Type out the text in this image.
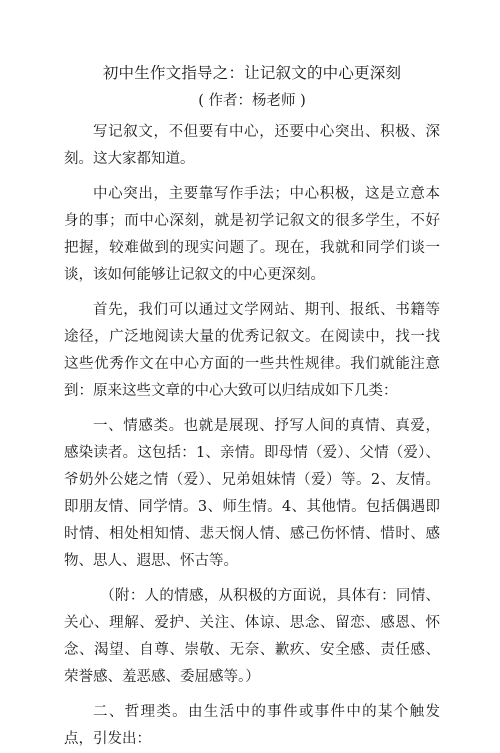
初中生作文指导之：让记叙文的中心更深刻

( 作者：杨老师 )

写记叙文，不但要有中心，还要中心突出、积极、深刻。这大家都知道。

中心突出，主要靠写作手法；中心积极，这是立意本身的事；而中心深刻，就是初学记叙文的很多学生，不好把握，较难做到的现实问题了。现在，我就和同学们谈一谈，该如何能够让记叙文的中心更深刻。

首先，我们可以通过文学网站、期刊、报纸、书籍等途径，广泛地阅读大量的优秀记叙文。在阅读中，找一找这些优秀作文在中心方面的一些共性规律。我们就能注意到：原来这些文章的中心大致可以归结成如下几类：

一、情感类。也就是展现、抒写人间的真情、真爱，感染读者。这包括：1、亲情。即母情（爱）、父情（爱）、爷奶外公姥之情（爱）、兄弟姐妹情（爱）等。2、友情。即朋友情、同学情。3、师生情。4、其他情。包括偶遇即时情、相处相知情、悲天悯人情、感己伤怀情、惜时、感物、思人、遐思、怀古等。

（附：人的情感，从积极的方面说，具体有：同情、关心、理解、爱护、关注、体谅、思念、留恋、感恩、怀念、渴望、自尊、崇敬、无奈、歉疚、安全感、责任感、荣誉感、羞恶感、委屈感等。）

二、哲理类。由生活中的事件或事件中的某个触发点，引发出：
